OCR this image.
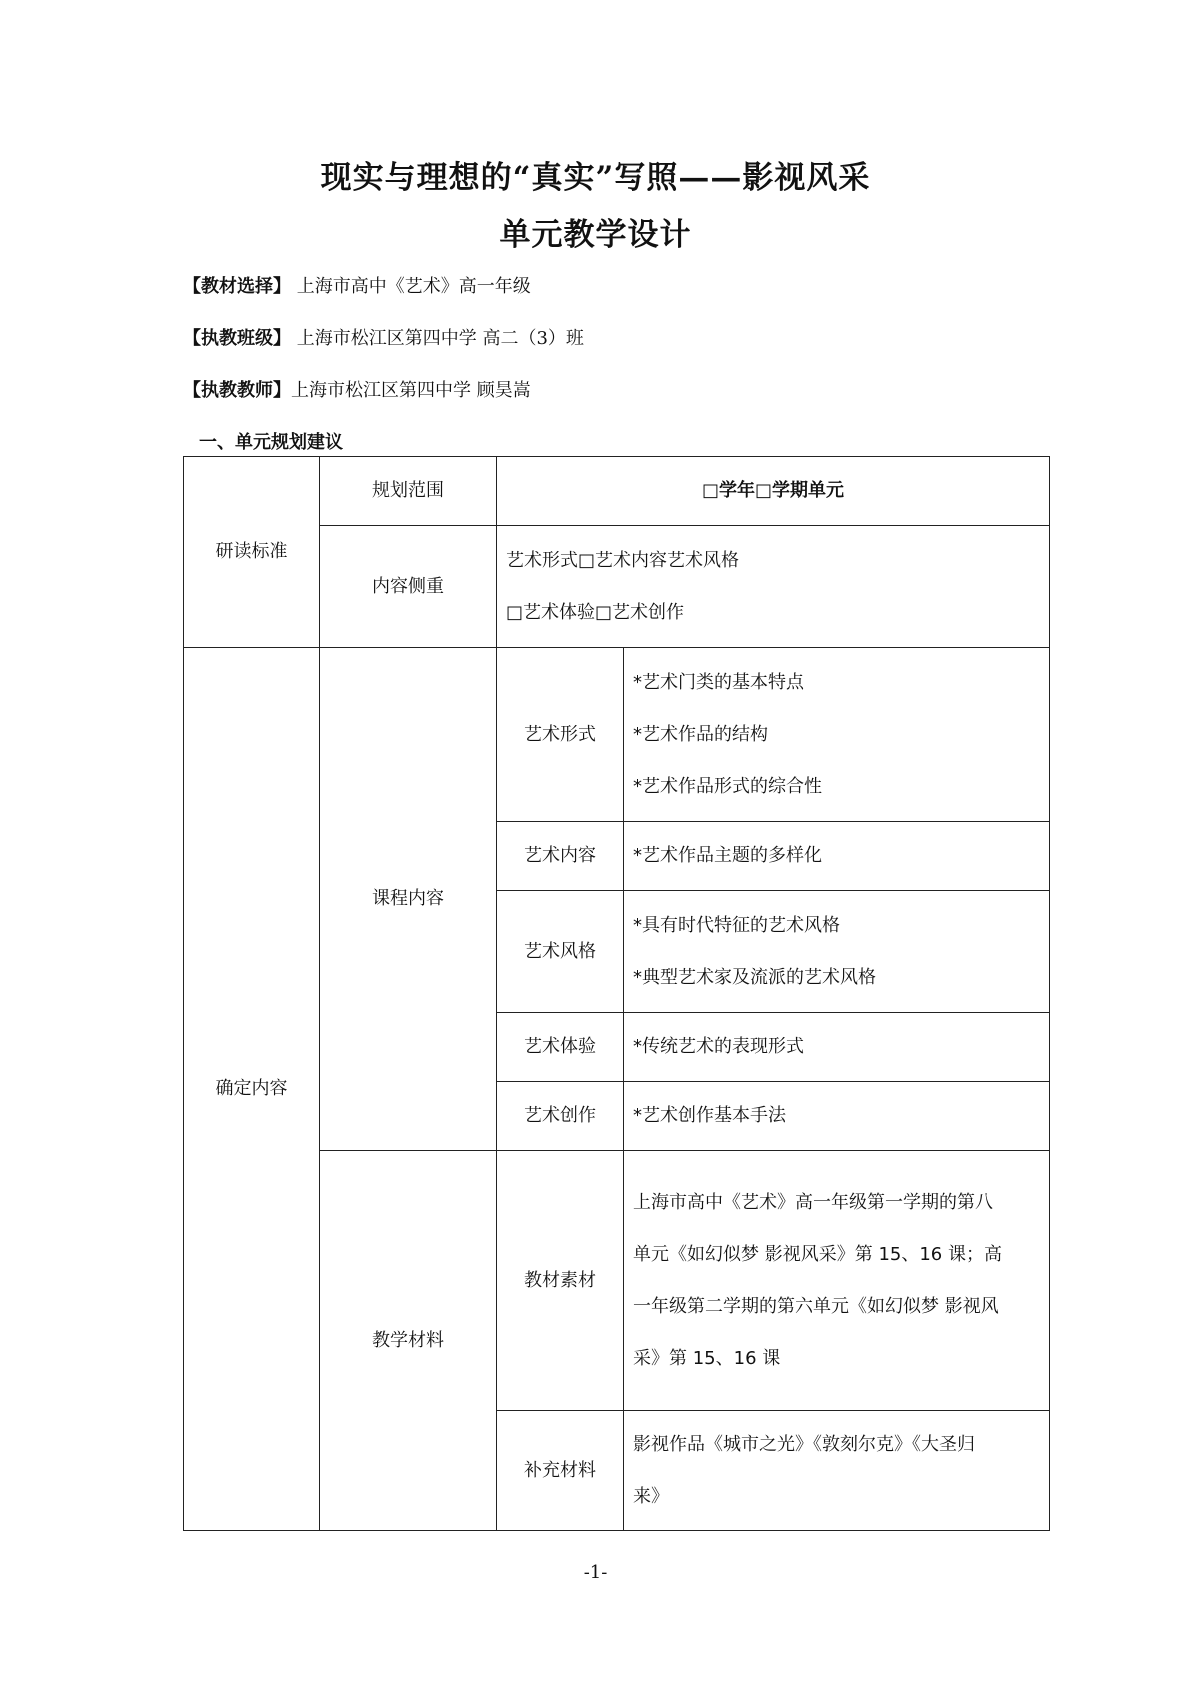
现实与理想的“真实”写照——影视风采
单元教学设计
【教材选择】 上海市高中《艺术》高一年级
【执教班级】 上海市松江区第四中学 高二（3）班
【执教教师】上海市松江区第四中学 顾昊嵩
一、单元规划建议
研读标准	规划范围	□学年□学期单元	
	内容侧重	艺术形式□艺术内容艺术风格
□艺术体验□艺术创作	

确定内容	课程内容	艺术形式	*艺术门类的基本特点
*艺术作品的结构
*艺术作品形式的综合性

		艺术内容	*艺术作品主题的多样化

		艺术风格	*具有时代特征的艺术风格
*典型艺术家及流派的艺术风格

		艺术体验	*传统艺术的表现形式

		艺术创作	*艺术创作基本手法

	教学材料	教材素材	上海市高中《艺术》高一年级第一学期的第八
单元《如幻似梦 影视风采》第 15、16 课；高
一年级第二学期的第六单元《如幻似梦 影视风
采》第 15、16 课

		补充材料	影视作品《城市之光》《敦刻尔克》《大圣归
来》
-1-
